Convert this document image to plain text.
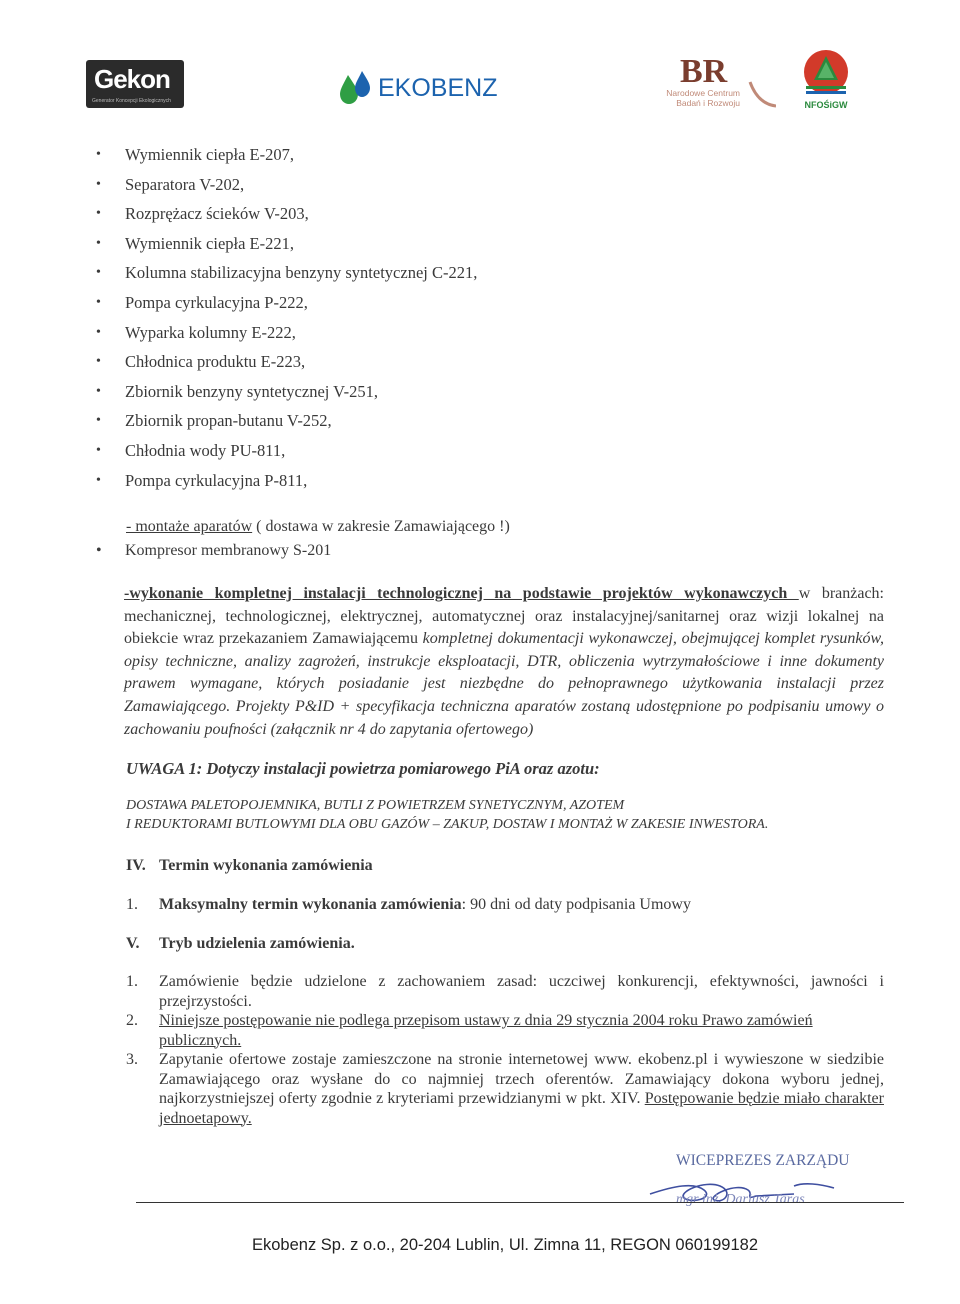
Gekon
Generator Koncepcji Ekologicznych	EKOBENZ	BR
Narodowe Centrum
Badań i Rozwoju	NFOŚiGW
• Wymiennik ciepła E-207,
• Separatora V-202,
• Rozprężacz ścieków V-203,
• Wymiennik ciepła E-221,
• Kolumna stabilizacyjna benzyny syntetycznej C-221,
• Pompa cyrkulacyjna P-222,
• Wyparka kolumny E-222,
• Chłodnica produktu E-223,
• Zbiornik benzyny syntetycznej V-251,
• Zbiornik propan-butanu V-252,
• Chłodnia wody PU-811,
• Pompa cyrkulacyjna P-811,
- montaże aparatów ( dostawa w zakresie Zamawiającego !)
• Kompresor membranowy S-201
-wykonanie kompletnej instalacji technologicznej na podstawie projektów wykonawczych w branżach: mechanicznej, technologicznej, elektrycznej, automatycznej oraz instalacyjnej/sanitarnej oraz wizji lokalnej na obiekcie wraz przekazaniem Zamawiającemu kompletnej dokumentacji wykonawczej, obejmującej komplet rysunków, opisy techniczne, analizy zagrożeń, instrukcje eksploatacji, DTR, obliczenia wytrzymałościowe i inne dokumenty prawem wymagane, których posiadanie jest niezbędne do pełnoprawnego użytkowania instalacji przez Zamawiającego. Projekty P&ID + specyfikacja techniczna aparatów zostaną udostępnione po podpisaniu umowy o zachowaniu poufności (załącznik nr 4 do zapytania ofertowego)
UWAGA 1: Dotyczy instalacji powietrza pomiarowego PiA oraz azotu:
DOSTAWA PALETOPOJEMNIKA, BUTLI Z POWIETRZEM SYNETYCZNYM, AZOTEM
I REDUKTORAMI BUTLOWYMI DLA OBU GAZÓW – ZAKUP, DOSTAW I MONTAŻ W ZAKESIE INWESTORA.
IV. Termin wykonania zamówienia
1. Maksymalny termin wykonania zamówienia: 90 dni od daty podpisania Umowy
V. Tryb udzielenia zamówienia.
1.	Zamówienie będzie udzielone z zachowaniem zasad: uczciwej konkurencji, efektywności, jawności i przejrzystości.
2.	Niniejsze postępowanie nie podlega przepisom ustawy z dnia 29 stycznia 2004 roku Prawo zamówień publicznych.
3.	Zapytanie ofertowe zostaje zamieszczone na stronie internetowej www. ekobenz.pl i wywieszone w siedzibie Zamawiającego oraz wysłane do co najmniej trzech oferentów. Zamawiający dokona wyboru jednej, najkorzystniejszej oferty zgodnie z kryteriami przewidzianymi w pkt. XIV. Postępowanie będzie miało charakter jednoetapowy.
WICEPREZES ZARZĄDU
mgr inż. Dariusz Taras
Ekobenz Sp. z o.o., 20-204 Lublin, Ul. Zimna 11, REGON 060199182
